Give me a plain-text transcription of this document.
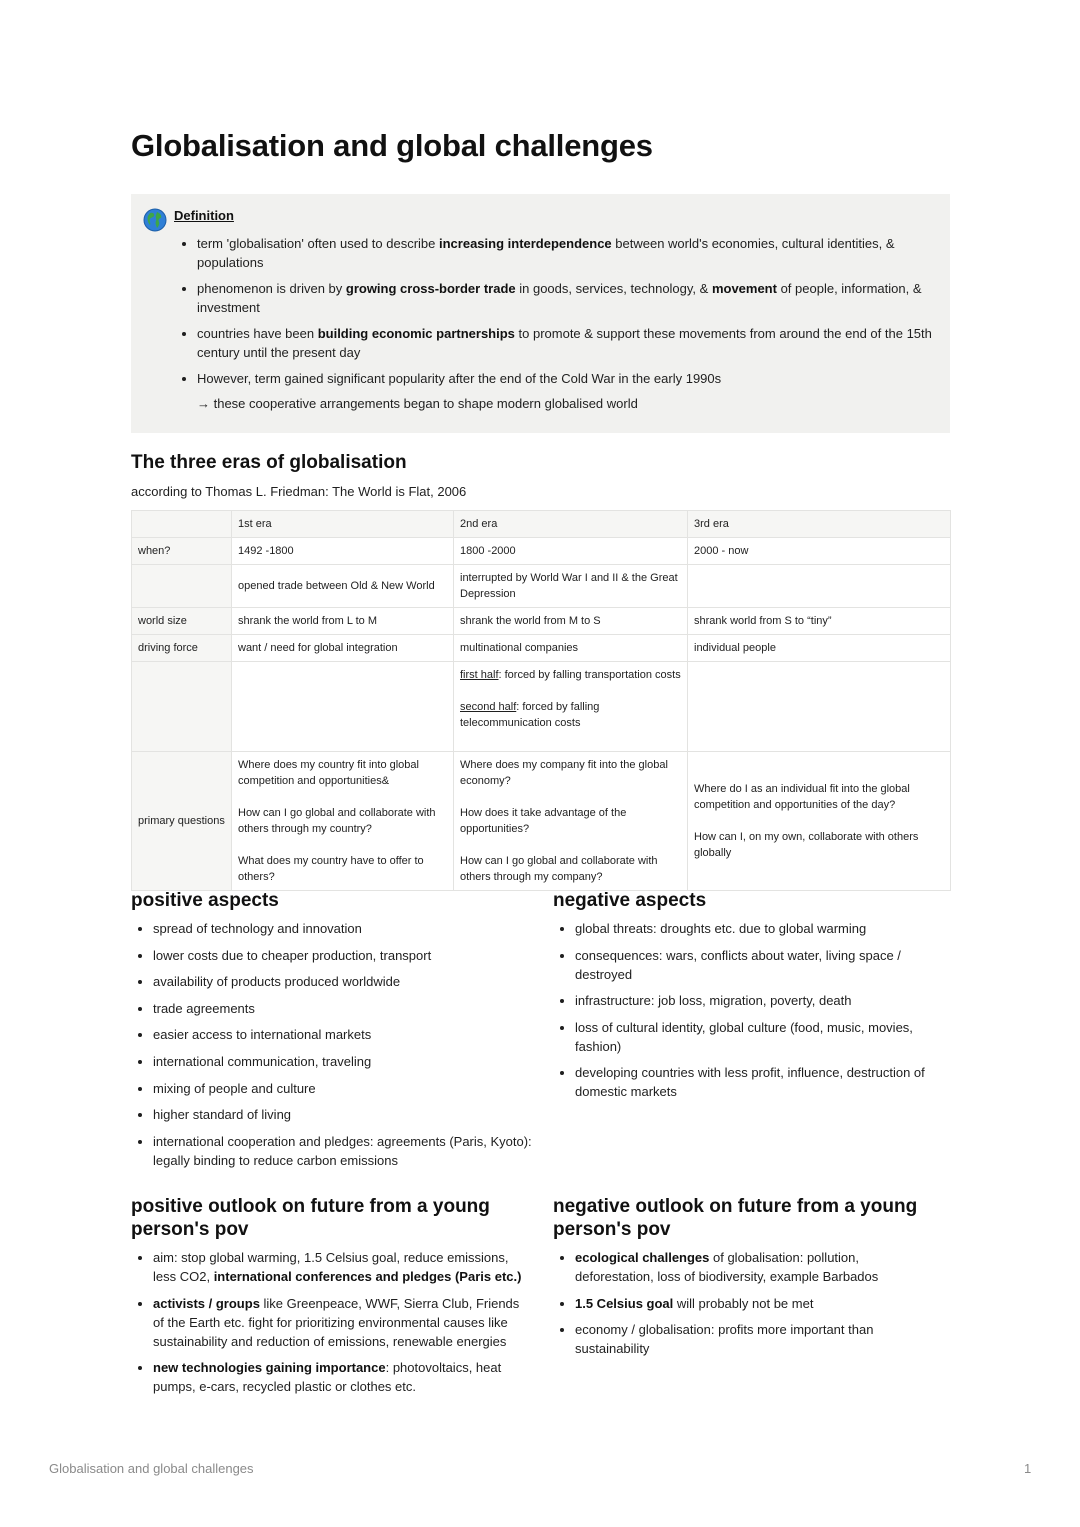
Globalisation and global challenges
Definition
• term 'globalisation' often used to describe increasing interdependence between world's economies, cultural identities, & populations
• phenomenon is driven by growing cross-border trade in goods, services, technology, & movement of people, information, & investment
• countries have been building economic partnerships to promote & support these movements from around the end of the 15th century until the present day
• However, term gained significant popularity after the end of the Cold War in the early 1990s
→ these cooperative arrangements began to shape modern globalised world
The three eras of globalisation
according to Thomas L. Friedman: The World is Flat, 2006
	1st era	2nd era	3rd era
when?	1492 -1800	1800 -2000	2000 - now

	opened trade between Old & New World	interrupted by World War I and II & the Great Depression	

world size	shrank the world from L to M	shrank the world from M to S	shrank world from S to “tiny”

driving force	want / need for global integration	multinational companies	individual people

		first half: forced by falling transportation costs
second half: forced by falling telecommunication costs	

primary questions	Where does my country fit into global competition and opportunities&
How can I go global and collaborate with others through my country?
What does my country have to offer to others?	Where does my company fit into the global economy?
How does it take advantage of the opportunities?
How can I go global and collaborate with others through my company?	Where do I as an individual fit into the global competition and opportunities of the day?
How can I, on my own, collaborate with others globally
positive aspects
• spread of technology and innovation
• lower costs due to cheaper production, transport
• availability of products produced worldwide
• trade agreements
• easier access to international markets
• international communication, traveling
• mixing of people and culture
• higher standard of living
• international cooperation and pledges: agreements (Paris, Kyoto): legally binding to reduce carbon emissions
negative aspects
• global threats: droughts etc. due to global warming
• consequences: wars, conflicts about water, living space / destroyed
• infrastructure: job loss, migration, poverty, death
• loss of cultural identity, global culture (food, music, movies, fashion)
• developing countries with less profit, influence, destruction of domestic markets
positive outlook on future from a young person's pov
• aim: stop global warming, 1.5 Celsius goal, reduce emissions, less CO2, international conferences and pledges (Paris etc.)
• activists / groups like Greenpeace, WWF, Sierra Club, Friends of the Earth etc. fight for prioritizing environmental causes like sustainability and reduction of emissions, renewable energies
• new technologies gaining importance: photovoltaics, heat pumps, e-cars, recycled plastic or clothes etc.
negative outlook on future from a young person's pov
• ecological challenges of globalisation: pollution, deforestation, loss of biodiversity, example Barbados
• 1.5 Celsius goal will probably not be met
• economy / globalisation: profits more important than sustainability
Globalisation and global challenges	1
